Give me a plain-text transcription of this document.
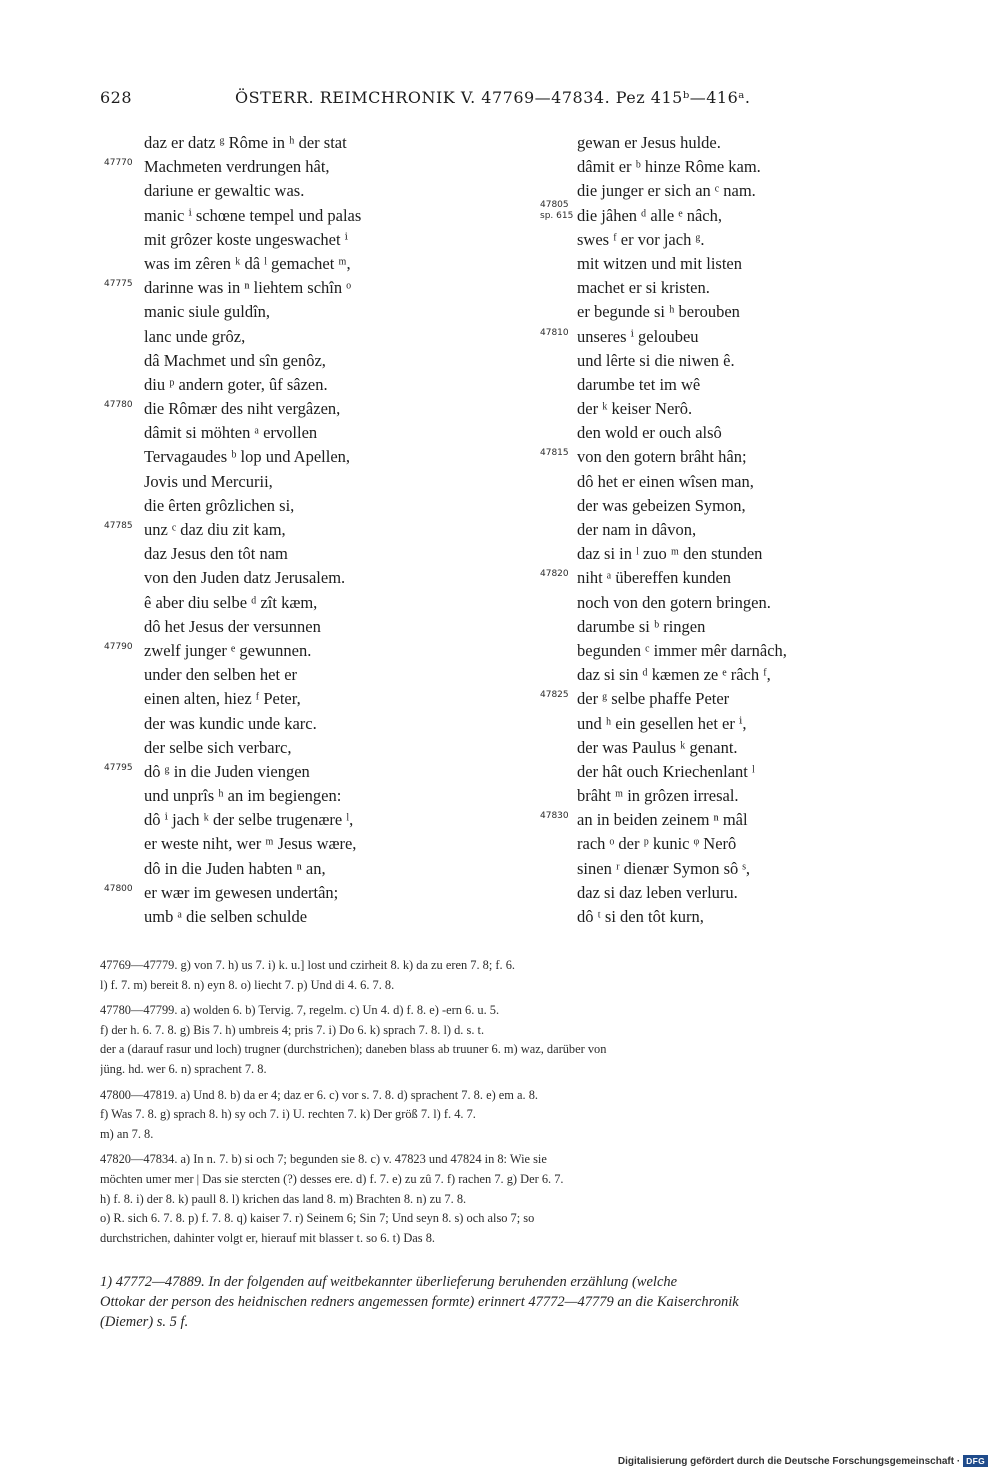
628	ÖSTERR. REIMCHRONIK V. 47769—47834. Pez 415ᵇ—416ᵃ.
daz er datz ᵍ Rôme in ʰ der stat
47770 Machmeten verdrungen hât,
dariune er gewaltic was.
manic ⁱ schœne tempel und palas
mit grôzer koste ungeswachet ⁱ
was im zêren ᵏ dâ ˡ gemachet ᵐ,
47775 darinne was in ⁿ liehtem schîn ᵒ
manic siule guldîn,
lanc unde grôz,
dâ Machmet und sîn genôz,
diu ᵖ andern goter, ûf sâzen.
47780 die Rômær des niht vergâzen,
dâmit si möhten ᵃ ervollen
Tervagaudes ᵇ lop und Apellen,
Jovis und Mercurii,
die êrten grôzlichen si,
47785 unz ᶜ daz diu zit kam,
daz Jesus den tôt nam
von den Juden datz Jerusalem.
ê aber diu selbe ᵈ zît kæm,
dô het Jesus der versunnen
47790 zwelf junger ᵉ gewunnen.
under den selben het er
einen alten, hiez ᶠ Peter,
der was kundic unde karc.
der selbe sich verbarc,
47795 dô ᵍ in die Juden viengen
und unprîs ʰ an im begiengen:
dô ⁱ jach ᵏ der selbe trugenære ˡ,
er weste niht, wer ᵐ Jesus wære,
dô in die Juden habten ⁿ an,
47800 er wær im gewesen undertân;
umb ᵃ die selben schulde
gewan er Jesus hulde.
dâmit er ᵇ hinze Rôme kam.
die junger er sich an ᶜ nam.
47805

sp. 615 die jâhen ᵈ alle ᵉ nâch,
swes ᶠ er vor jach ᵍ.
mit witzen und mit listen
machet er si kristen.
er begunde si ʰ berouben
47810 unseres ⁱ geloubeu
und lêrte si die niwen ê.
darumbe tet im wê
der ᵏ keiser Nerô.
den wold er ouch alsô
47815 von den gotern brâht hân;
dô het er einen wîsen man,
der was gebeizen Symon,
der nam in dâvon,
daz si in ˡ zuo ᵐ den stunden
47820 niht ᵃ übereffen kunden
noch von den gotern bringen.
darumbe si ᵇ ringen
begunden ᶜ immer mêr darnâch,
daz si sin ᵈ kæmen ze ᵉ râch ᶠ,
47825 der ᵍ selbe phaffe Peter
und ʰ ein gesellen het er ⁱ,
der was Paulus ᵏ genant.
der hât ouch Kriechenlant ˡ
brâht ᵐ in grôzen irresal.
47830 an in beiden zeinem ⁿ mâl
rach ᵒ der ᵖ kunic ᵠ Nerô
sinen ʳ dienær Symon sô ˢ,
daz si daz leben verluru.
dô ᵗ si den tôt kurn,
47769—47779. g) von 7. h) us 7. i) k. u.] lost und czirheit 8. k) da zu eren 7. 8; f. 6.
l) f. 7. m) bereit 8. n) eyn 8. o) liecht 7. p) Und di 4. 6. 7. 8.
47780—47799. a) wolden 6. b) Tervig. 7, regelm. c) Un 4. d) f. 8. e) -ern 6. u. 5.
f) der h. 6. 7. 8. g) Bis 7. h) umbreis 4; pris 7. i) Do 6. k) sprach 7. 8. l) d. s. t.
der a (darauf rasur und loch) trugner (durchstrichen); daneben blass ab truuner 6. m) waz, darüber von
jüng. hd. wer 6. n) sprachent 7. 8.
47800—47819. a) Und 8. b) da er 4; daz er 6. c) vor s. 7. 8. d) sprachent 7. 8. e) em a. 8.
f) Was 7. 8. g) sprach 8. h) sy och 7. i) U. rechten 7. k) Der größ 7. l) f. 4. 7.
m) an 7. 8.
47820—47834. a) In n. 7. b) si och 7; begunden sie 8. c) v. 47823 und 47824 in 8: Wie sie
möchten umer mer | Das sie stercten (?) desses ere. d) f. 7. e) zu zû 7. f) rachen 7. g) Der 6. 7.
h) f. 8. i) der 8. k) paull 8. l) krichen das land 8. m) Brachten 8. n) zu 7. 8.
o) R. sich 6. 7. 8. p) f. 7. 8. q) kaiser 7. r) Seinem 6; Sin 7; Und seyn 8. s) och also 7; so
durchstrichen, dahinter volgt er, hierauf mit blasser t. so 6. t) Das 8.
1) 47772—47889. In der folgenden auf weitbekannter überlieferung beruhenden erzählung (welche
Ottokar der person des heidnischen redners angemessen formte) erinnert 47772—47779 an die Kaiserchronik
(Diemer) s. 5 f.
Digitalisierung gefördert durch die Deutsche Forschungsgemeinschaft · DFG
